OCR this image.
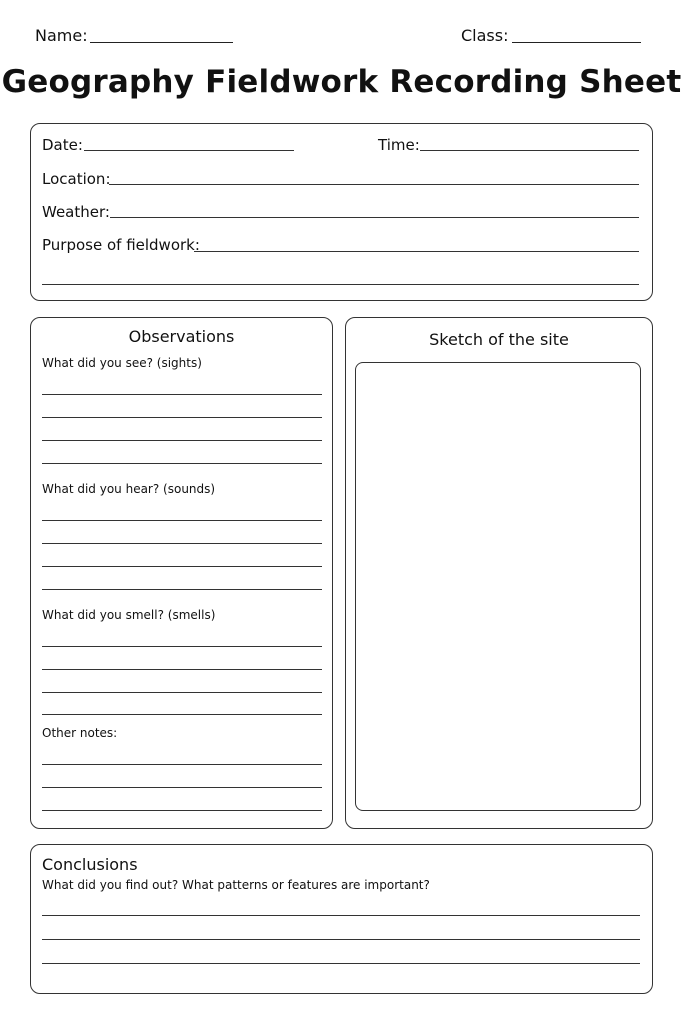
Name:	Class:
Geography Fieldwork Recording Sheet
Date:	Time:
Location:
Weather:
Purpose of fieldwork:
Observations
What did you see? (sights)
What did you hear? (sounds)
What did you smell? (smells)
Other notes:
Sketch of the site
Conclusions
What did you find out? What patterns or features are important?
